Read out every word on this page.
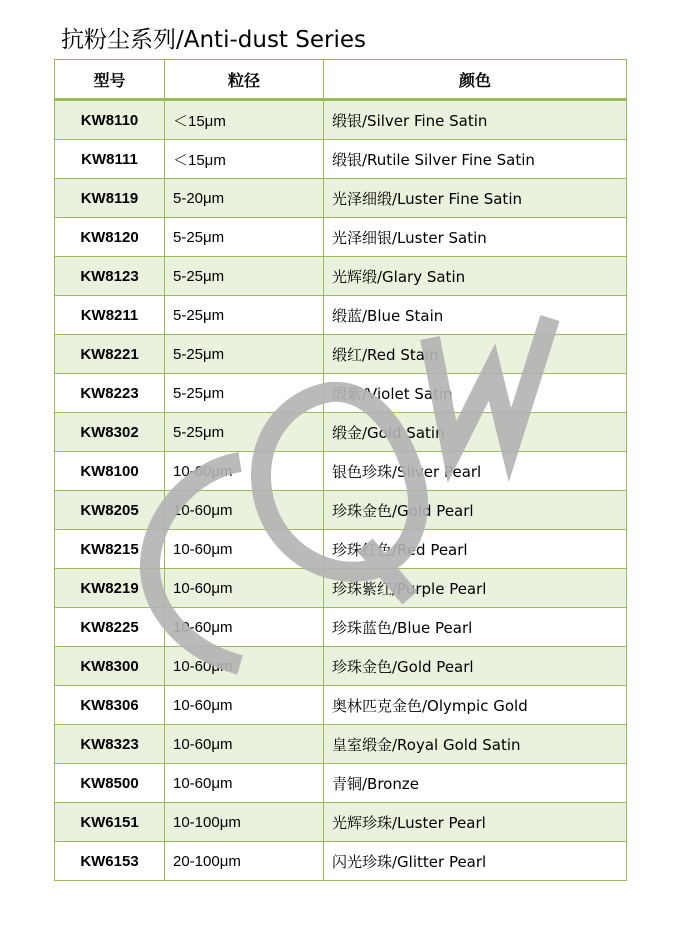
抗粉尘系列/Anti-dust Series
型号	粒径	颜色
KW8110	＜15μm	缎银/Silver Fine Satin
KW8111	＜15μm	缎银/Rutile Silver Fine Satin
KW8119	5-20μm	光泽细缎/Luster Fine Satin
KW8120	5-25μm	光泽细银/Luster Satin
KW8123	5-25μm	光辉缎/Glary Satin
KW8211	5-25μm	缎蓝/Blue Stain
KW8221	5-25μm	缎红/Red Stain
KW8223	5-25μm	缎紫/Violet Satin
KW8302	5-25μm	缎金/Gold Satin
KW8100	10-60μm	银色珍珠/Sliver Pearl
KW8205	10-60μm	珍珠金色/Gold Pearl
KW8215	10-60μm	珍珠红色/Red Pearl
KW8219	10-60μm	珍珠紫红/Purple Pearl
KW8225	10-60μm	珍珠蓝色/Blue Pearl
KW8300	10-60μm	珍珠金色/Gold Pearl
KW8306	10-60μm	奥林匹克金色/Olympic Gold
KW8323	10-60μm	皇室缎金/Royal Gold Satin
KW8500	10-60μm	青铜/Bronze
KW6151	10-100μm	光辉珍珠/Luster Pearl
KW6153	20-100μm	闪光珍珠/Glitter Pearl
